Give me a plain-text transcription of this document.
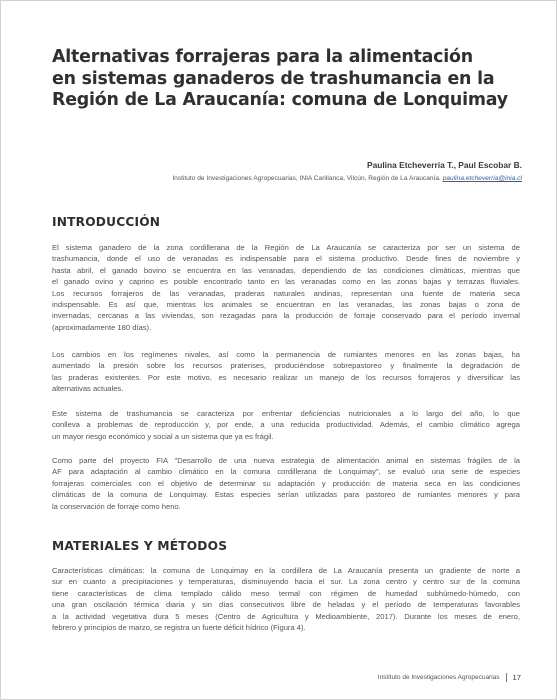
Alternativas forrajeras para la alimentación
en sistemas ganaderos de trashumancia en la
Región de La Araucanía: comuna de Lonquimay
Paulina Etcheverría T., Paul Escobar B.
Instituto de Investigaciones Agropecuarias, INIA Carillanca, Vilcún, Región de La Araucanía. paulina.etcheverria@inia.cl
INTRODUCCIÓN
El sistema ganadero de la zona cordillerana de la Región de La Araucanía se caracteriza por ser un sistema de
trashumancia, donde el uso de veranadas es indispensable para el sistema productivo. Desde fines de noviembre y
hasta abril, el ganado bovino se encuentra en las veranadas, dependiendo de las condiciones climáticas, mientras que
el ganado ovino y caprino es posible encontrarlo tanto en las veranadas como en las zonas bajas y terrazas fluviales.
Los recursos forrajeros de las veranadas, praderas naturales andinas, representan una fuente de materia seca
indispensable. Es así que, mientras los animales se encuentran en las veranadas, las zonas bajas o zona de
invernadas, cercanas a las viviendas, son rezagadas para la producción de forraje conservado para el período invernal
(aproximadamente 180 días).
Los cambios en los regímenes nivales, así como la permanencia de rumiantes menores en las zonas bajas, ha
aumentado la presión sobre los recursos pratenses, produciéndose sobrepastoreo y finalmente la degradación de
las praderas existentes. Por este motivo, es necesario realizar un manejo de los recursos forrajeros y diversificar las
alternativas actuales.
Este sistema de trashumancia se caracteriza por enfrentar deficiencias nutricionales a lo largo del año, lo que
conlleva a problemas de reproducción y, por ende, a una reducida productividad. Además, el cambio climático agrega
un mayor riesgo económico y social a un sistema que ya es frágil.
Como parte del proyecto FIA "Desarrollo de una nueva estrategia de alimentación animal en sistemas frágiles de la
AF para adaptación al cambio climático en la comuna cordillerana de Lonquimay", se evaluó una serie de especies
forrajeras comerciales con el objetivo de determinar su adaptación y producción de materia seca en las condiciones
climáticas de la comuna de Lonquimay. Estas especies serían utilizadas para pastoreo de rumiantes menores y para
la conservación de forraje como heno.
MATERIALES Y MÉTODOS
Características climáticas: la comuna de Lonquimay en la cordillera de La Araucanía presenta un gradiente de norte a
sur en cuanto a precipitaciones y temperaturas, disminuyendo hacia el sur. La zona centro y centro sur de la comuna
tiene características de clima templado cálido meso termal con régimen de humedad subhúmedo-húmedo, con
una gran oscilación térmica diaria y sin días consecutivos libre de heladas y el período de temperaturas favorables
a la actividad vegetativa dura 5 meses (Centro de Agricultura y Medioambiente, 2017). Durante los meses de enero,
febrero y principios de marzo, se registra un fuerte déficit hídrico (Figura 4).
Instituto de Investigaciones Agropecuarias 17
